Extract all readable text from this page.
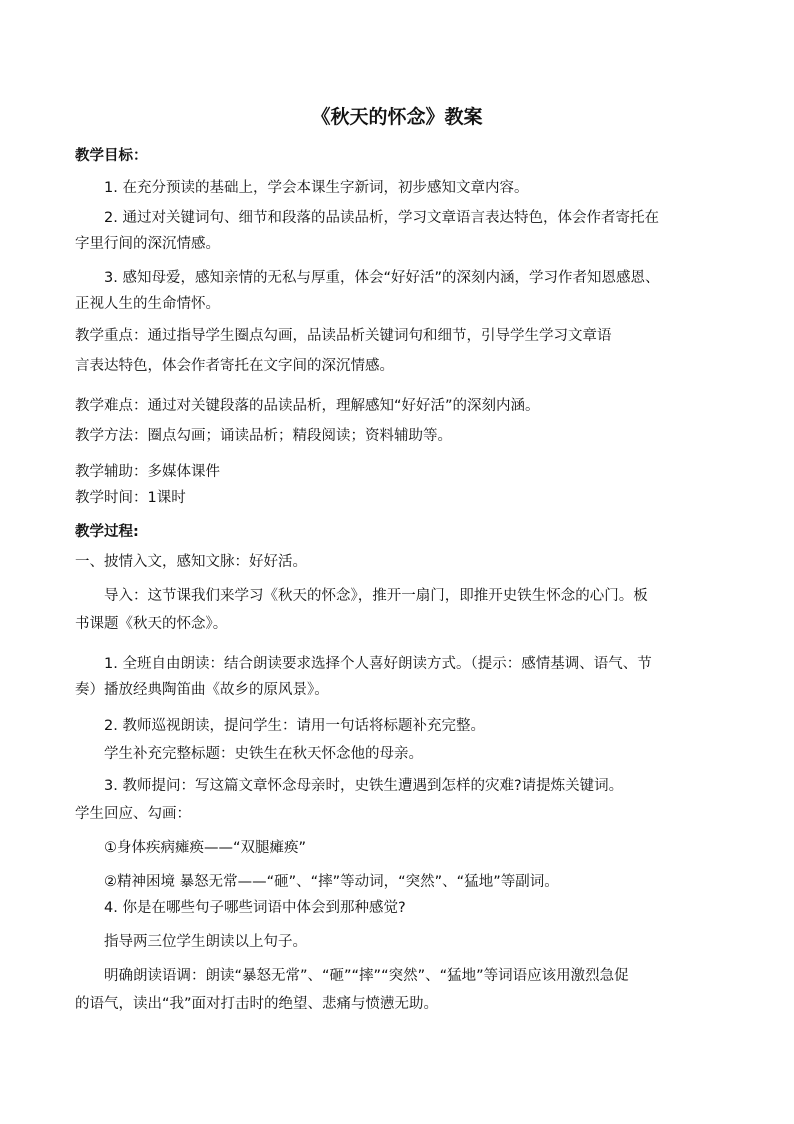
《秋天的怀念》教案

教学目标：

1. 在充分预读的基础上，学会本课生字新词，初步感知文章内容。

2. 通过对关键词句、细节和段落的品读品析，学习文章语言表达特色，体会作者寄托在

字里行间的深沉情感。

3. 感知母爱，感知亲情的无私与厚重，体会“好好活”的深刻内涵，学习作者知恩感恩、

正视人生的生命情怀。

教学重点：通过指导学生圈点勾画，品读品析关键词句和细节，引导学生学习文章语

言表达特色，体会作者寄托在文字间的深沉情感。

教学难点：通过对关键段落的品读品析，理解感知“好好活”的深刻内涵。

教学方法：圈点勾画；诵读品析；精段阅读；资料辅助等。

教学辅助：多媒体课件

教学时间：1课时

教学过程:

一、披情入文，感知文脉：好好活。

导入：这节课我们来学习《秋天的怀念》，推开一扇门，即推开史铁生怀念的心门。板

书课题《秋天的怀念》。

1. 全班自由朗读：结合朗读要求选择个人喜好朗读方式。（提示：感情基调、语气、节

奏）播放经典陶笛曲《故乡的原风景》。

2. 教师巡视朗读，提问学生：请用一句话将标题补充完整。

学生补充完整标题：史铁生在秋天怀念他的母亲。

3. 教师提问：写这篇文章怀念母亲时，史铁生遭遇到怎样的灾难?请提炼关键词。

学生回应、勾画：

①身体疾病瘫痪——“双腿瘫痪”

②精神困境 暴怒无常——“砸”、“摔”等动词，“突然”、“猛地”等副词。

4. 你是在哪些句子哪些词语中体会到那种感觉?

指导两三位学生朗读以上句子。

明确朗读语调：朗读“暴怒无常”、“砸”“摔”“突然”、“猛地”等词语应该用激烈急促

的语气，读出“我”面对打击时的绝望、悲痛与愤懑无助。
